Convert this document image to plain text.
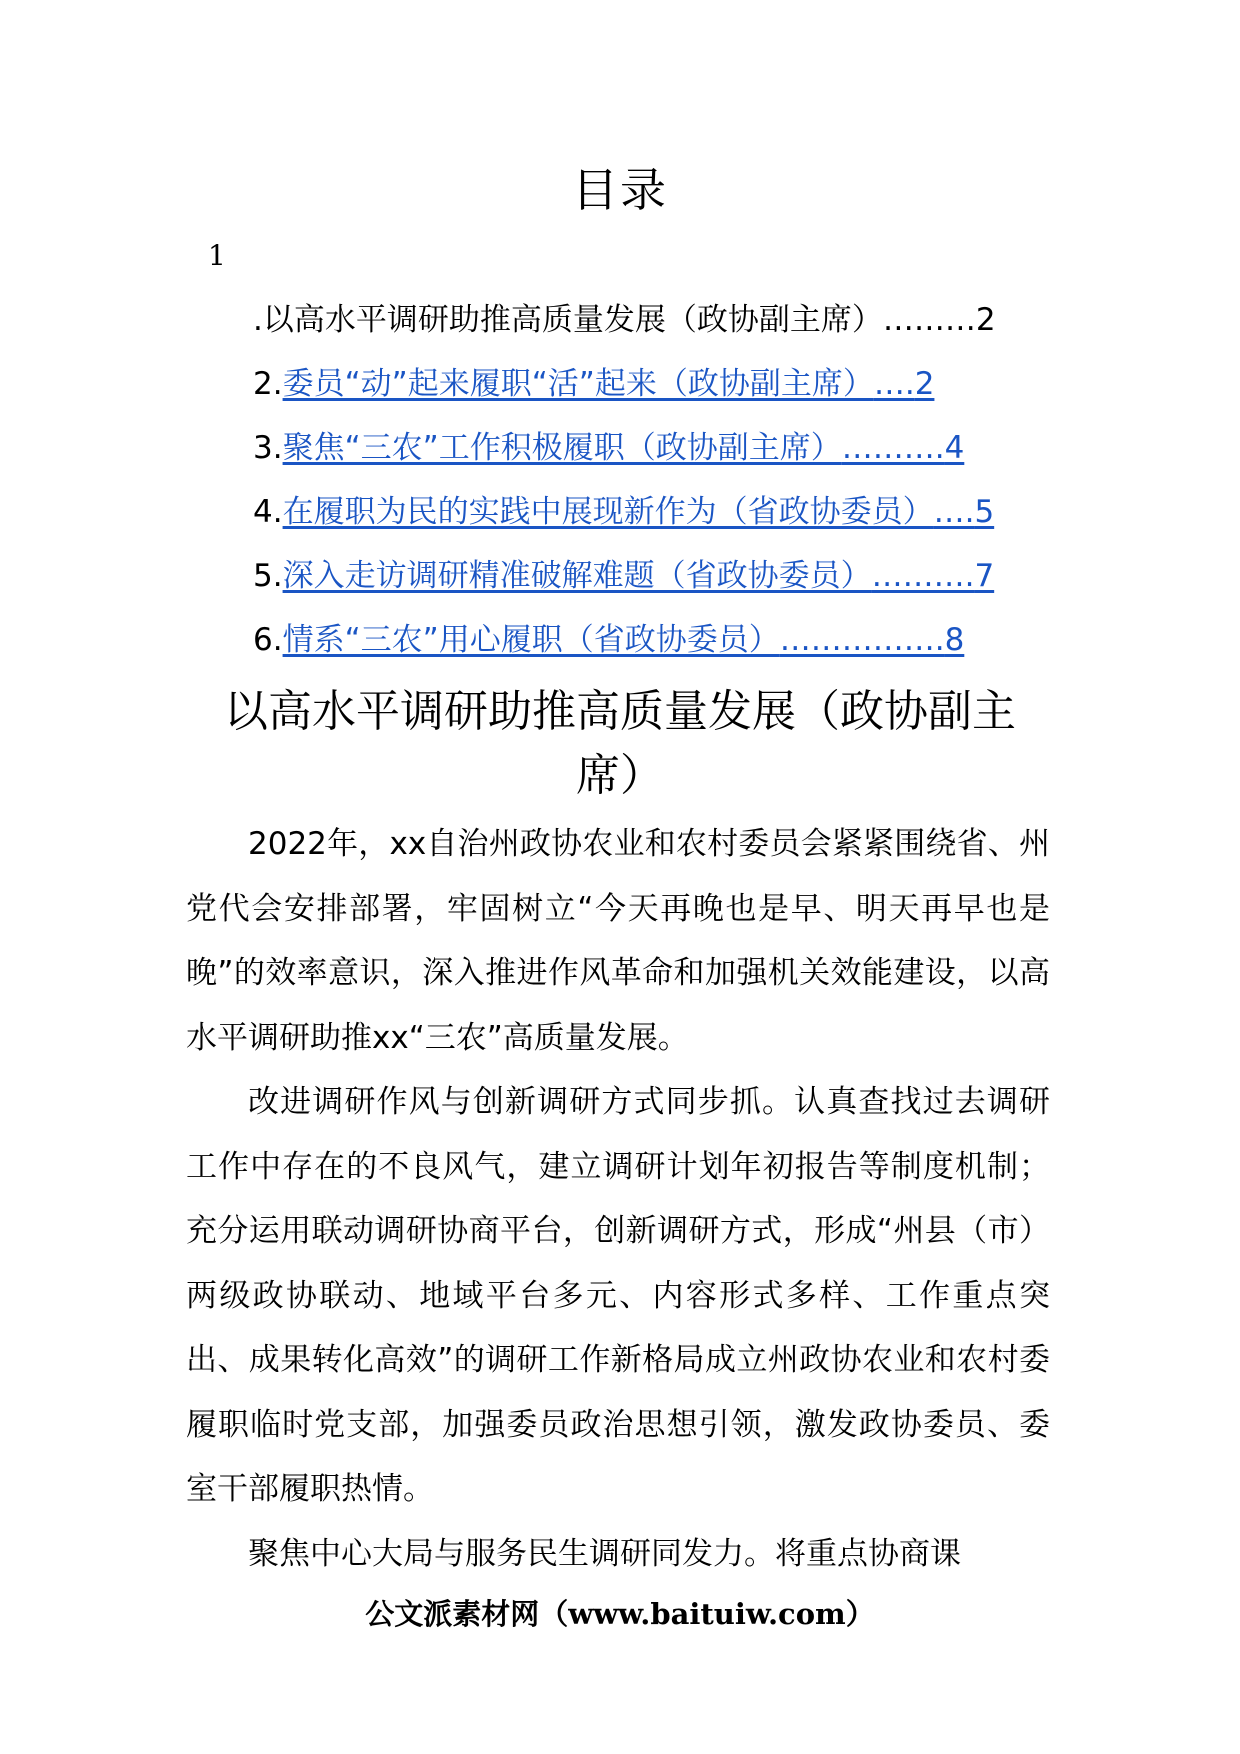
目录
1
.以高水平调研助推高质量发展（政协副主席）………2
2.委员“动”起来履职“活”起来（政协副主席）….2
3.聚焦“三农”工作积极履职（政协副主席）……….4
4.在履职为民的实践中展现新作为（省政协委员）….5
5.深入走访调研精准破解难题（省政协委员）……….7
6.情系“三农”用心履职（省政协委员）…………….8
以高水平调研助推高质量发展（政协副主
席）

2022年，xx自治州政协农业和农村委员会紧紧围绕省、州党代会安排部署，牢固树立“今天再晚也是早、明天再早也是晚”的效率意识，深入推进作风革命和加强机关效能建设，以高水平调研助推xx“三农”高质量发展。

改进调研作风与创新调研方式同步抓。认真查找过去调研工作中存在的不良风气，建立调研计划年初报告等制度机制；充分运用联动调研协商平台，创新调研方式，形成“州县（市）两级政协联动、地域平台多元、内容形式多样、工作重点突出、成果转化高效”的调研工作新格局成立州政协农业和农村委履职临时党支部，加强委员政治思想引领，激发政协委员、委室干部履职热情。

聚焦中心大局与服务民生调研同发力。将重点协商课

公文派素材网（www.baituiw.com）
